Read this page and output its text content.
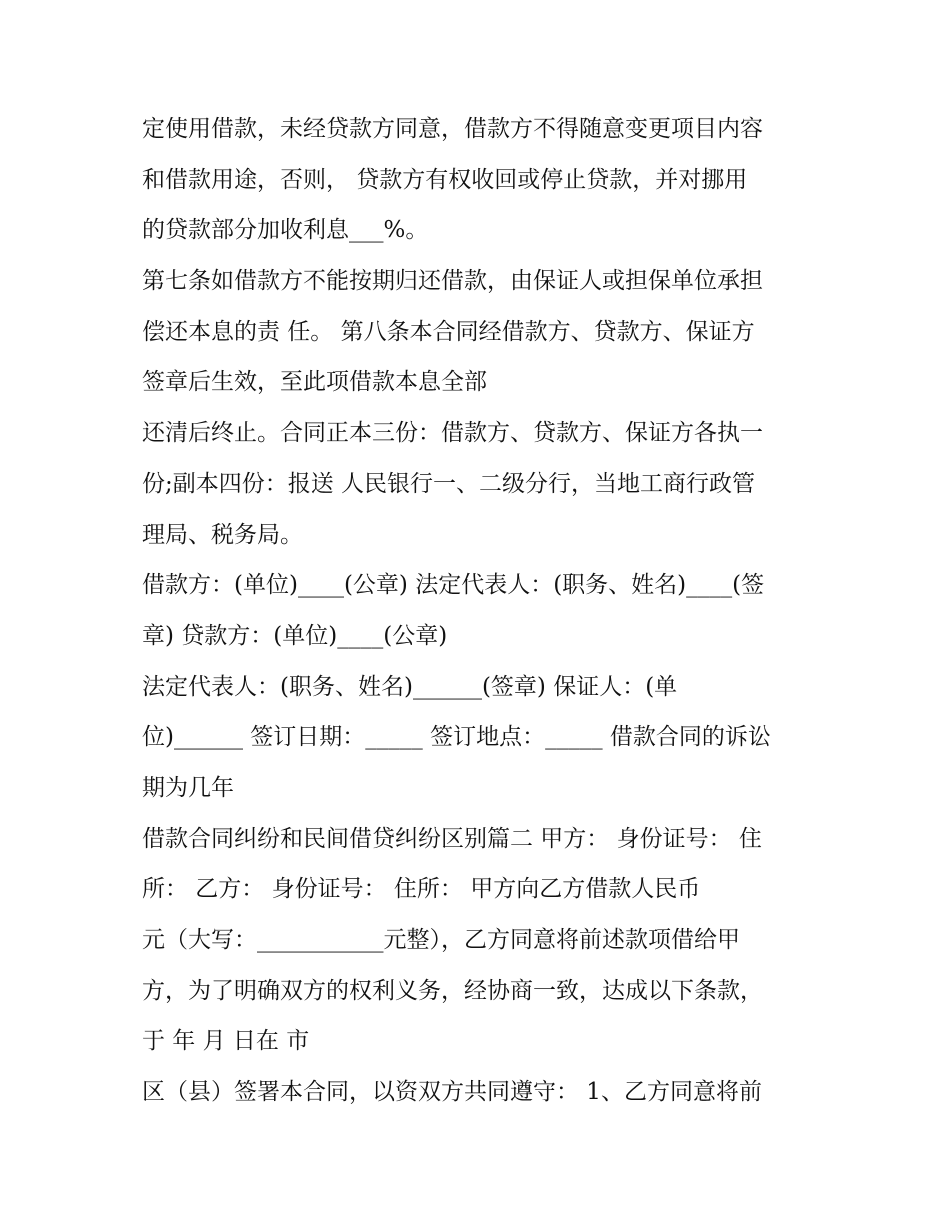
定使用借款，未经贷款方同意，借款方不得随意变更项目内容
和借款用途，否则， 贷款方有权收回或停止贷款，并对挪用
的贷款部分加收利息___%。
第七条如借款方不能按期归还借款，由保证人或担保单位承担
偿还本息的责 任。 第八条本合同经借款方、贷款方、保证方
签章后生效，至此项借款本息全部
还清后终止。合同正本三份：借款方、贷款方、保证方各执一
份;副本四份：报送 人民银行一、二级分行，当地工商行政管
理局、税务局。
借款方：(单位)____(公章) 法定代表人：(职务、姓名)____(签
章) 贷款方：(单位)____(公章)
法定代表人：(职务、姓名)______(签章) 保证人：(单
位)______ 签订日期：_____ 签订地点：_____ 借款合同的诉讼
期为几年
借款合同纠纷和民间借贷纠纷区别篇二 甲方： 身份证号： 住
所： 乙方： 身份证号： 住所： 甲方向乙方借款人民币
元（大写：___________元整），乙方同意将前述款项借给甲
方，为了明确双方的权利义务，经协商一致，达成以下条款，
于 年 月 日在 市
区（县）签署本合同，以资双方共同遵守： 1、乙方同意将前
